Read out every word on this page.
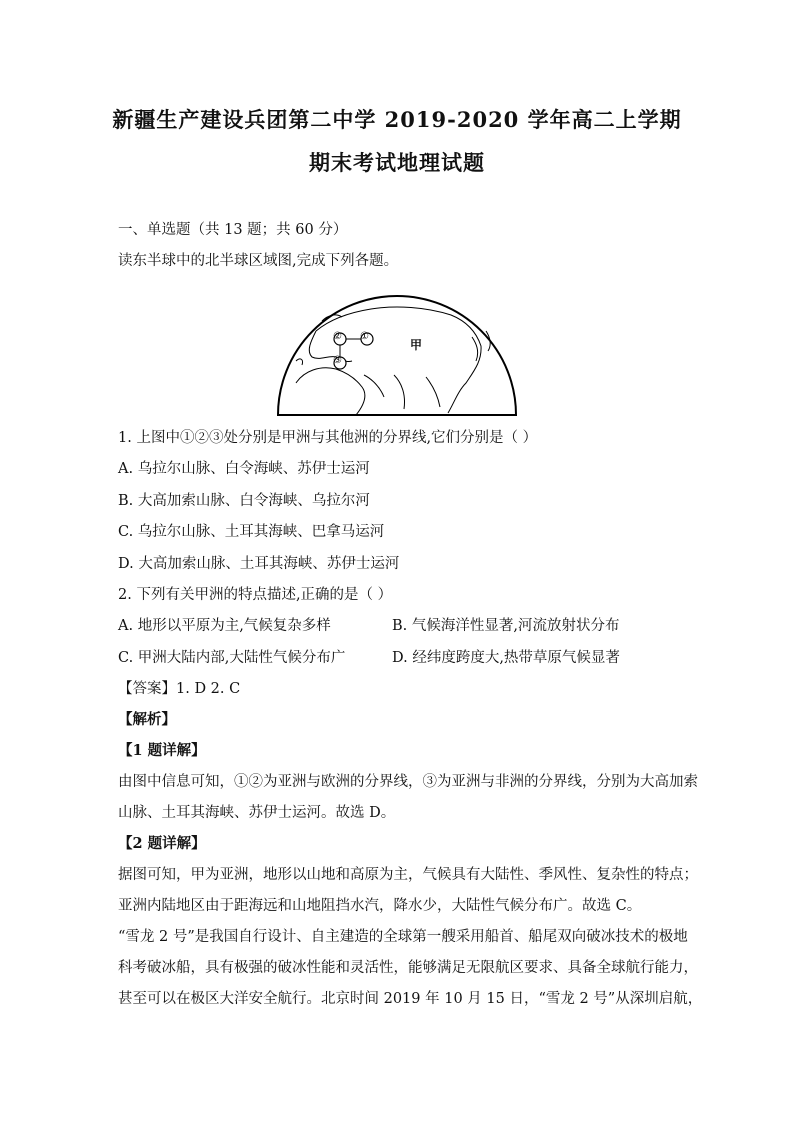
新疆生产建设兵团第二中学 2019-2020 学年高二上学期
期末考试地理试题
一、单选题（共 13 题；共 60 分）
读东半球中的北半球区域图,完成下列各题。
② ①
③
甲
1. 上图中①②③处分别是甲洲与其他洲的分界线,它们分别是（ ）
A. 乌拉尔山脉、白令海峡、苏伊士运河
B. 大高加索山脉、白令海峡、乌拉尔河
C. 乌拉尔山脉、土耳其海峡、巴拿马运河
D. 大高加索山脉、土耳其海峡、苏伊士运河
2. 下列有关甲洲的特点描述,正确的是（ ）
A. 地形以平原为主,气候复杂多样	B. 气候海洋性显著,河流放射状分布
C. 甲洲大陆内部,大陆性气候分布广	D. 经纬度跨度大,热带草原气候显著
【答案】1. D 2. C
【解析】
【1 题详解】
由图中信息可知，①②为亚洲与欧洲的分界线，③为亚洲与非洲的分界线，分别为大高加索
山脉、土耳其海峡、苏伊士运河。故选 D。
【2 题详解】
据图可知，甲为亚洲，地形以山地和高原为主，气候具有大陆性、季风性、复杂性的特点；
亚洲内陆地区由于距海远和山地阻挡水汽，降水少，大陆性气候分布广。故选 C。
“雪龙 2 号”是我国自行设计、自主建造的全球第一艘采用船首、船尾双向破冰技术的极地
科考破冰船，具有极强的破冰性能和灵活性，能够满足无限航区要求、具备全球航行能力，
甚至可以在极区大洋安全航行。北京时间 2019 年 10 月 15 日，“雪龙 2 号”从深圳启航，
